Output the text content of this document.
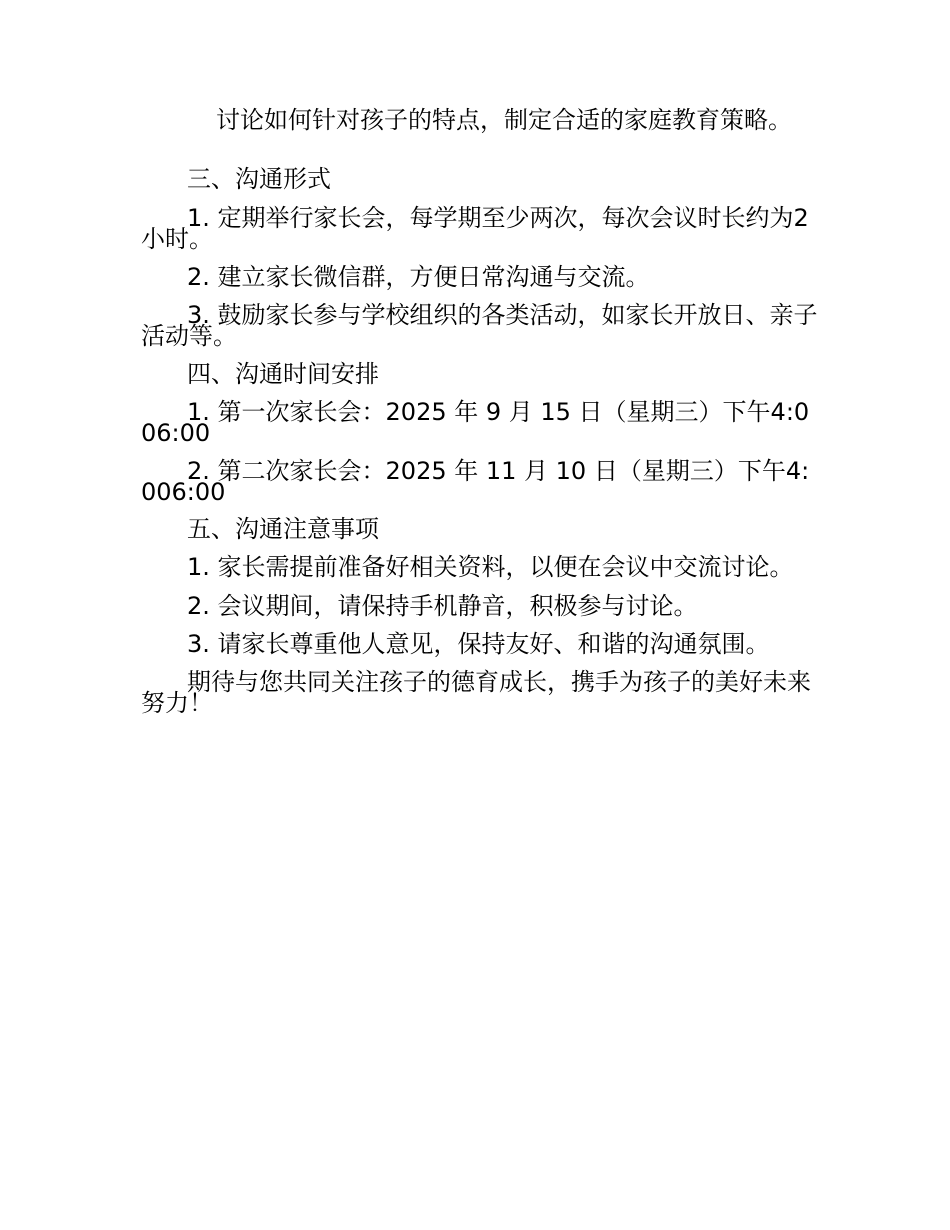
讨论如何针对孩子的特点，制定合适的家庭教育策略。

三、沟通形式

1. 定期举行家长会，每学期至少两次，每次会议时长约为2 小时。

2. 建立家长微信群，方便日常沟通与交流。

3. 鼓励家长参与学校组织的各类活动，如家长开放日、亲子活动等。

四、沟通时间安排

1. 第一次家长会：2025 年 9 月 15 日（星期三）下午4:006:00

2. 第二次家长会：2025 年 11 月 10 日（星期三）下午4:006:00

五、沟通注意事项

1. 家长需提前准备好相关资料，以便在会议中交流讨论。

2. 会议期间，请保持手机静音，积极参与讨论。

3. 请家长尊重他人意见，保持友好、和谐的沟通氛围。

期待与您共同关注孩子的德育成长，携手为孩子的美好未来努力！
